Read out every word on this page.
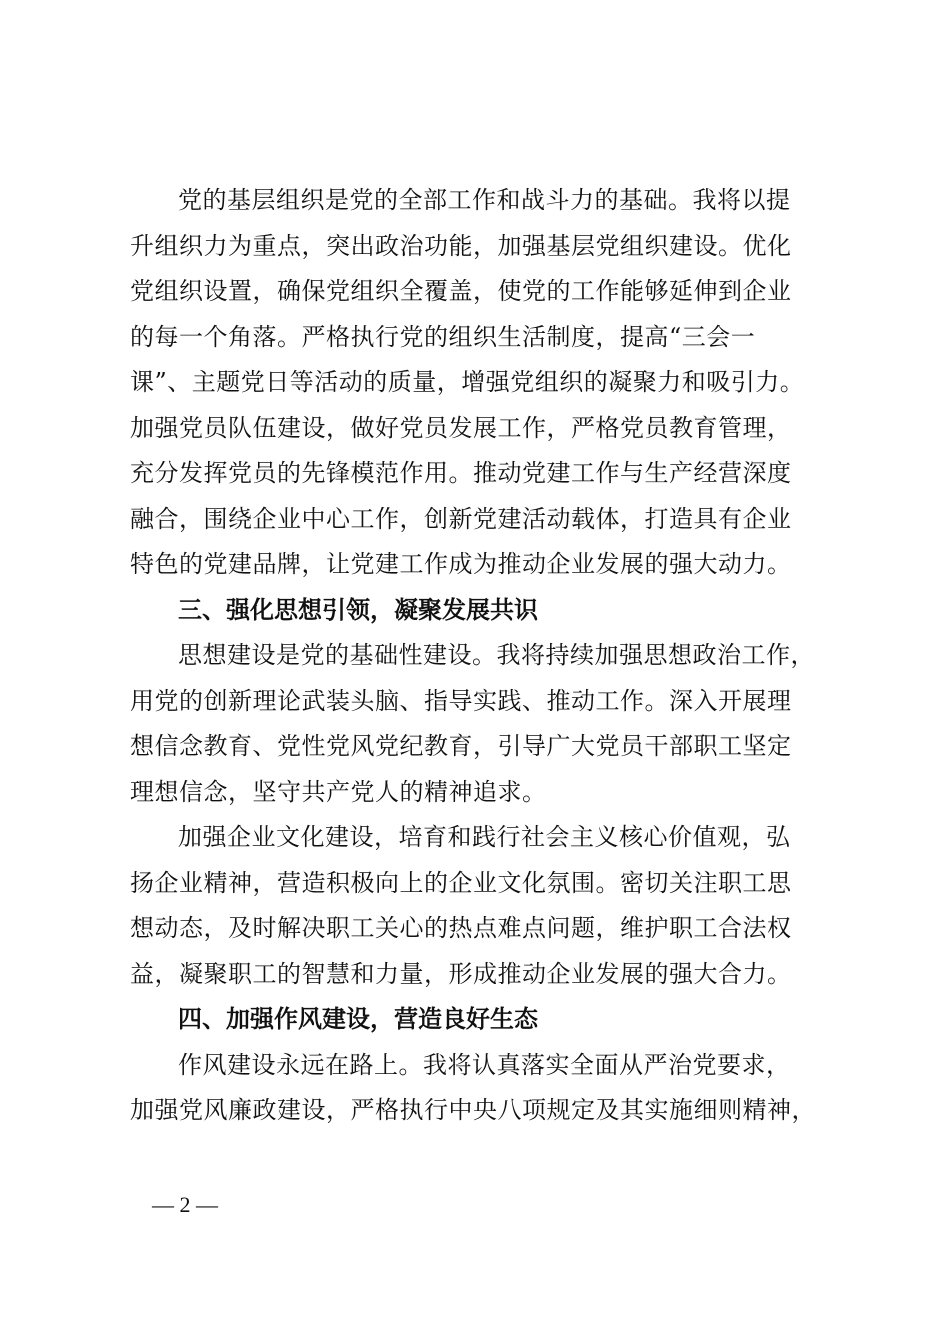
党的基层组织是党的全部工作和战斗力的基础。我将以提
升组织力为重点，突出政治功能，加强基层党组织建设。优化
党组织设置，确保党组织全覆盖，使党的工作能够延伸到企业
的每一个角落。严格执行党的组织生活制度，提高“三会一
课”、主题党日等活动的质量，增强党组织的凝聚力和吸引力。
加强党员队伍建设，做好党员发展工作，严格党员教育管理，
充分发挥党员的先锋模范作用。推动党建工作与生产经营深度
融合，围绕企业中心工作，创新党建活动载体，打造具有企业
特色的党建品牌，让党建工作成为推动企业发展的强大动力。
三、强化思想引领，凝聚发展共识
思想建设是党的基础性建设。我将持续加强思想政治工作，
用党的创新理论武装头脑、指导实践、推动工作。深入开展理
想信念教育、党性党风党纪教育，引导广大党员干部职工坚定
理想信念，坚守共产党人的精神追求。
加强企业文化建设，培育和践行社会主义核心价值观，弘
扬企业精神，营造积极向上的企业文化氛围。密切关注职工思
想动态，及时解决职工关心的热点难点问题，维护职工合法权
益，凝聚职工的智慧和力量，形成推动企业发展的强大合力。
四、加强作风建设，营造良好生态
作风建设永远在路上。我将认真落实全面从严治党要求，
加强党风廉政建设，严格执行中央八项规定及其实施细则精神，
— 2 —
